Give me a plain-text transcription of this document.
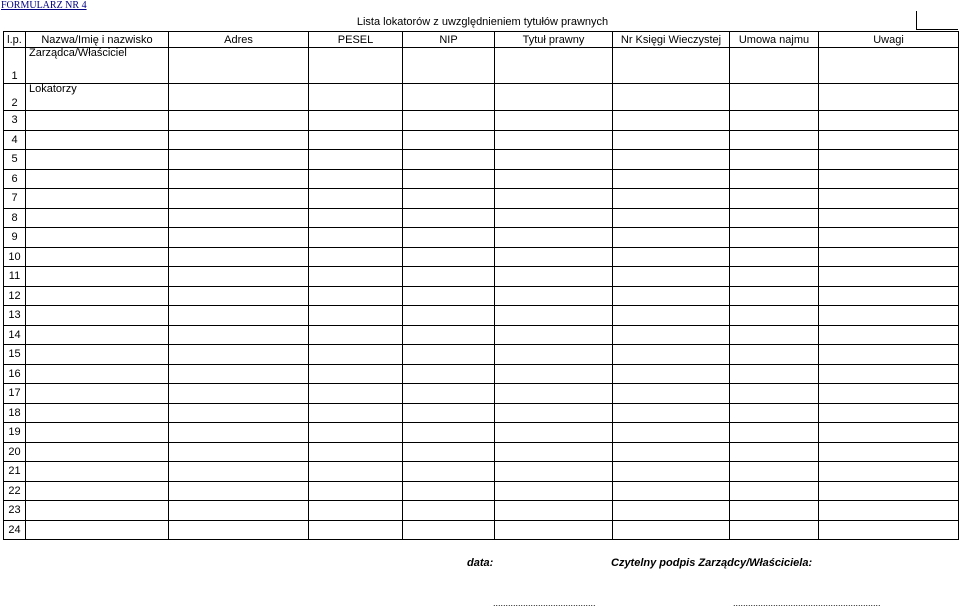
FORMULARZ NR 4
Lista lokatorów z uwzględnieniem tytułów prawnych
l.p.	Nazwa/Imię i nazwisko	Adres	PESEL	NIP	Tytuł prawny	Nr Księgi Wieczystej	Umowa najmu	Uwagi
1	Zarządca/Właściciel							

2	Lokatorzy							

3								
4								
5								
6								
7								
8								
9								
10								
11								
12								
13								
14								
15								
16								
17								
18								
19								
20								
21								
22								
23								
24								
data:	Czytelny podpis Zarządcy/Właściciela:
.........................................	...........................................................
